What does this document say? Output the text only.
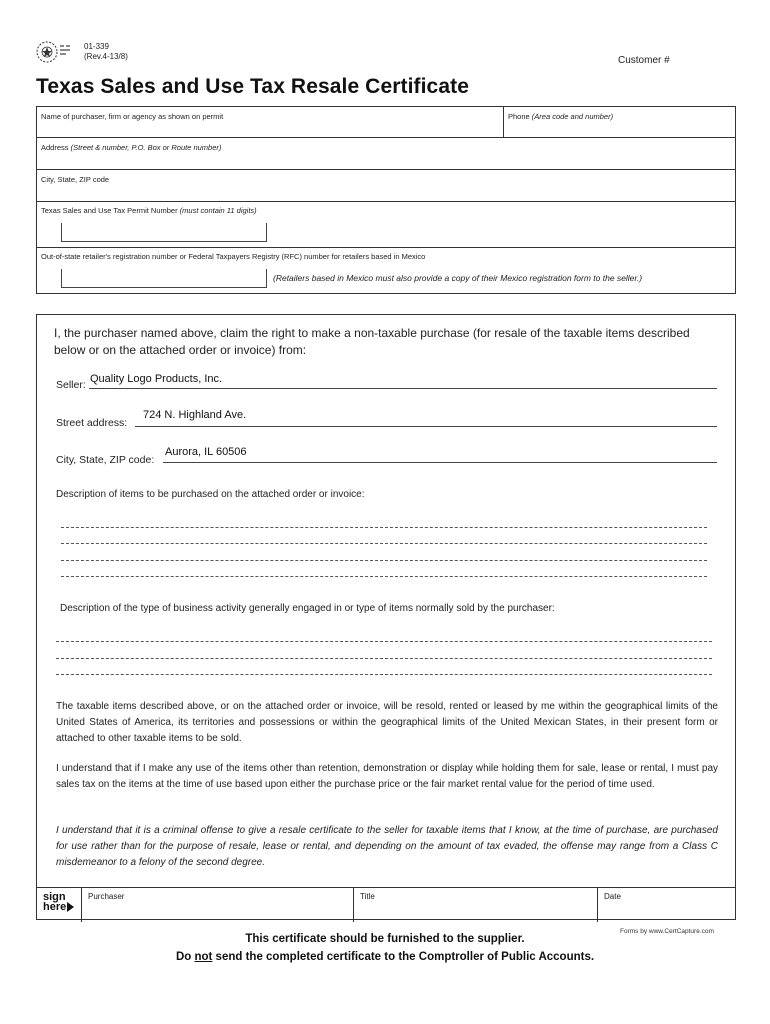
01-339
(Rev.4-13/8)	Customer #
Texas Sales and Use Tax Resale Certificate
Name of purchaser, firm or agency as shown on permit	Phone (Area code and number)
Address (Street & number, P.O. Box or Route number)
City, State, ZIP code
Texas Sales and Use Tax Permit Number (must contain 11 digits)
Out-of-state retailer's registration number or Federal Taxpayers Registry (RFC) number for retailers based in Mexico
(Retailers based in Mexico must also provide a copy of their Mexico registration form to the seller.)
I, the purchaser named above, claim the right to make a non-taxable purchase (for resale of the taxable items described below or on the attached order or invoice) from:
Seller: Quality Logo Products, Inc.
Street address:
724 N. Highland Ave.
City, State, ZIP code:
Aurora, IL 60506
Description of items to be purchased on the attached order or invoice:
Description of the type of business activity generally engaged in or type of items normally sold by the purchaser:
The taxable items described above, or on the attached order or invoice, will be resold, rented or leased by me within the geographical limits of the United States of America, its territories and possessions or within the geographical limits of the United Mexican States, in their present form or attached to other taxable items to be sold.
I understand that if I make any use of the items other than retention, demonstration or display while holding them for sale, lease or rental, I must pay sales tax on the items at the time of use based upon either the purchase price or the fair market rental value for the period of time used.
I understand that it is a criminal offense to give a resale certificate to the seller for taxable items that I know, at the time of purchase, are purchased for use rather than for the purpose of resale, lease or rental, and depending on the amount of tax evaded, the offense may range from a Class C misdemeanor to a felony of the second degree.
sign
here
Purchaser	Title	Date
Forms by www.CertCapture.com
This certificate should be furnished to the supplier.
Do not send the completed certificate to the Comptroller of Public Accounts.
